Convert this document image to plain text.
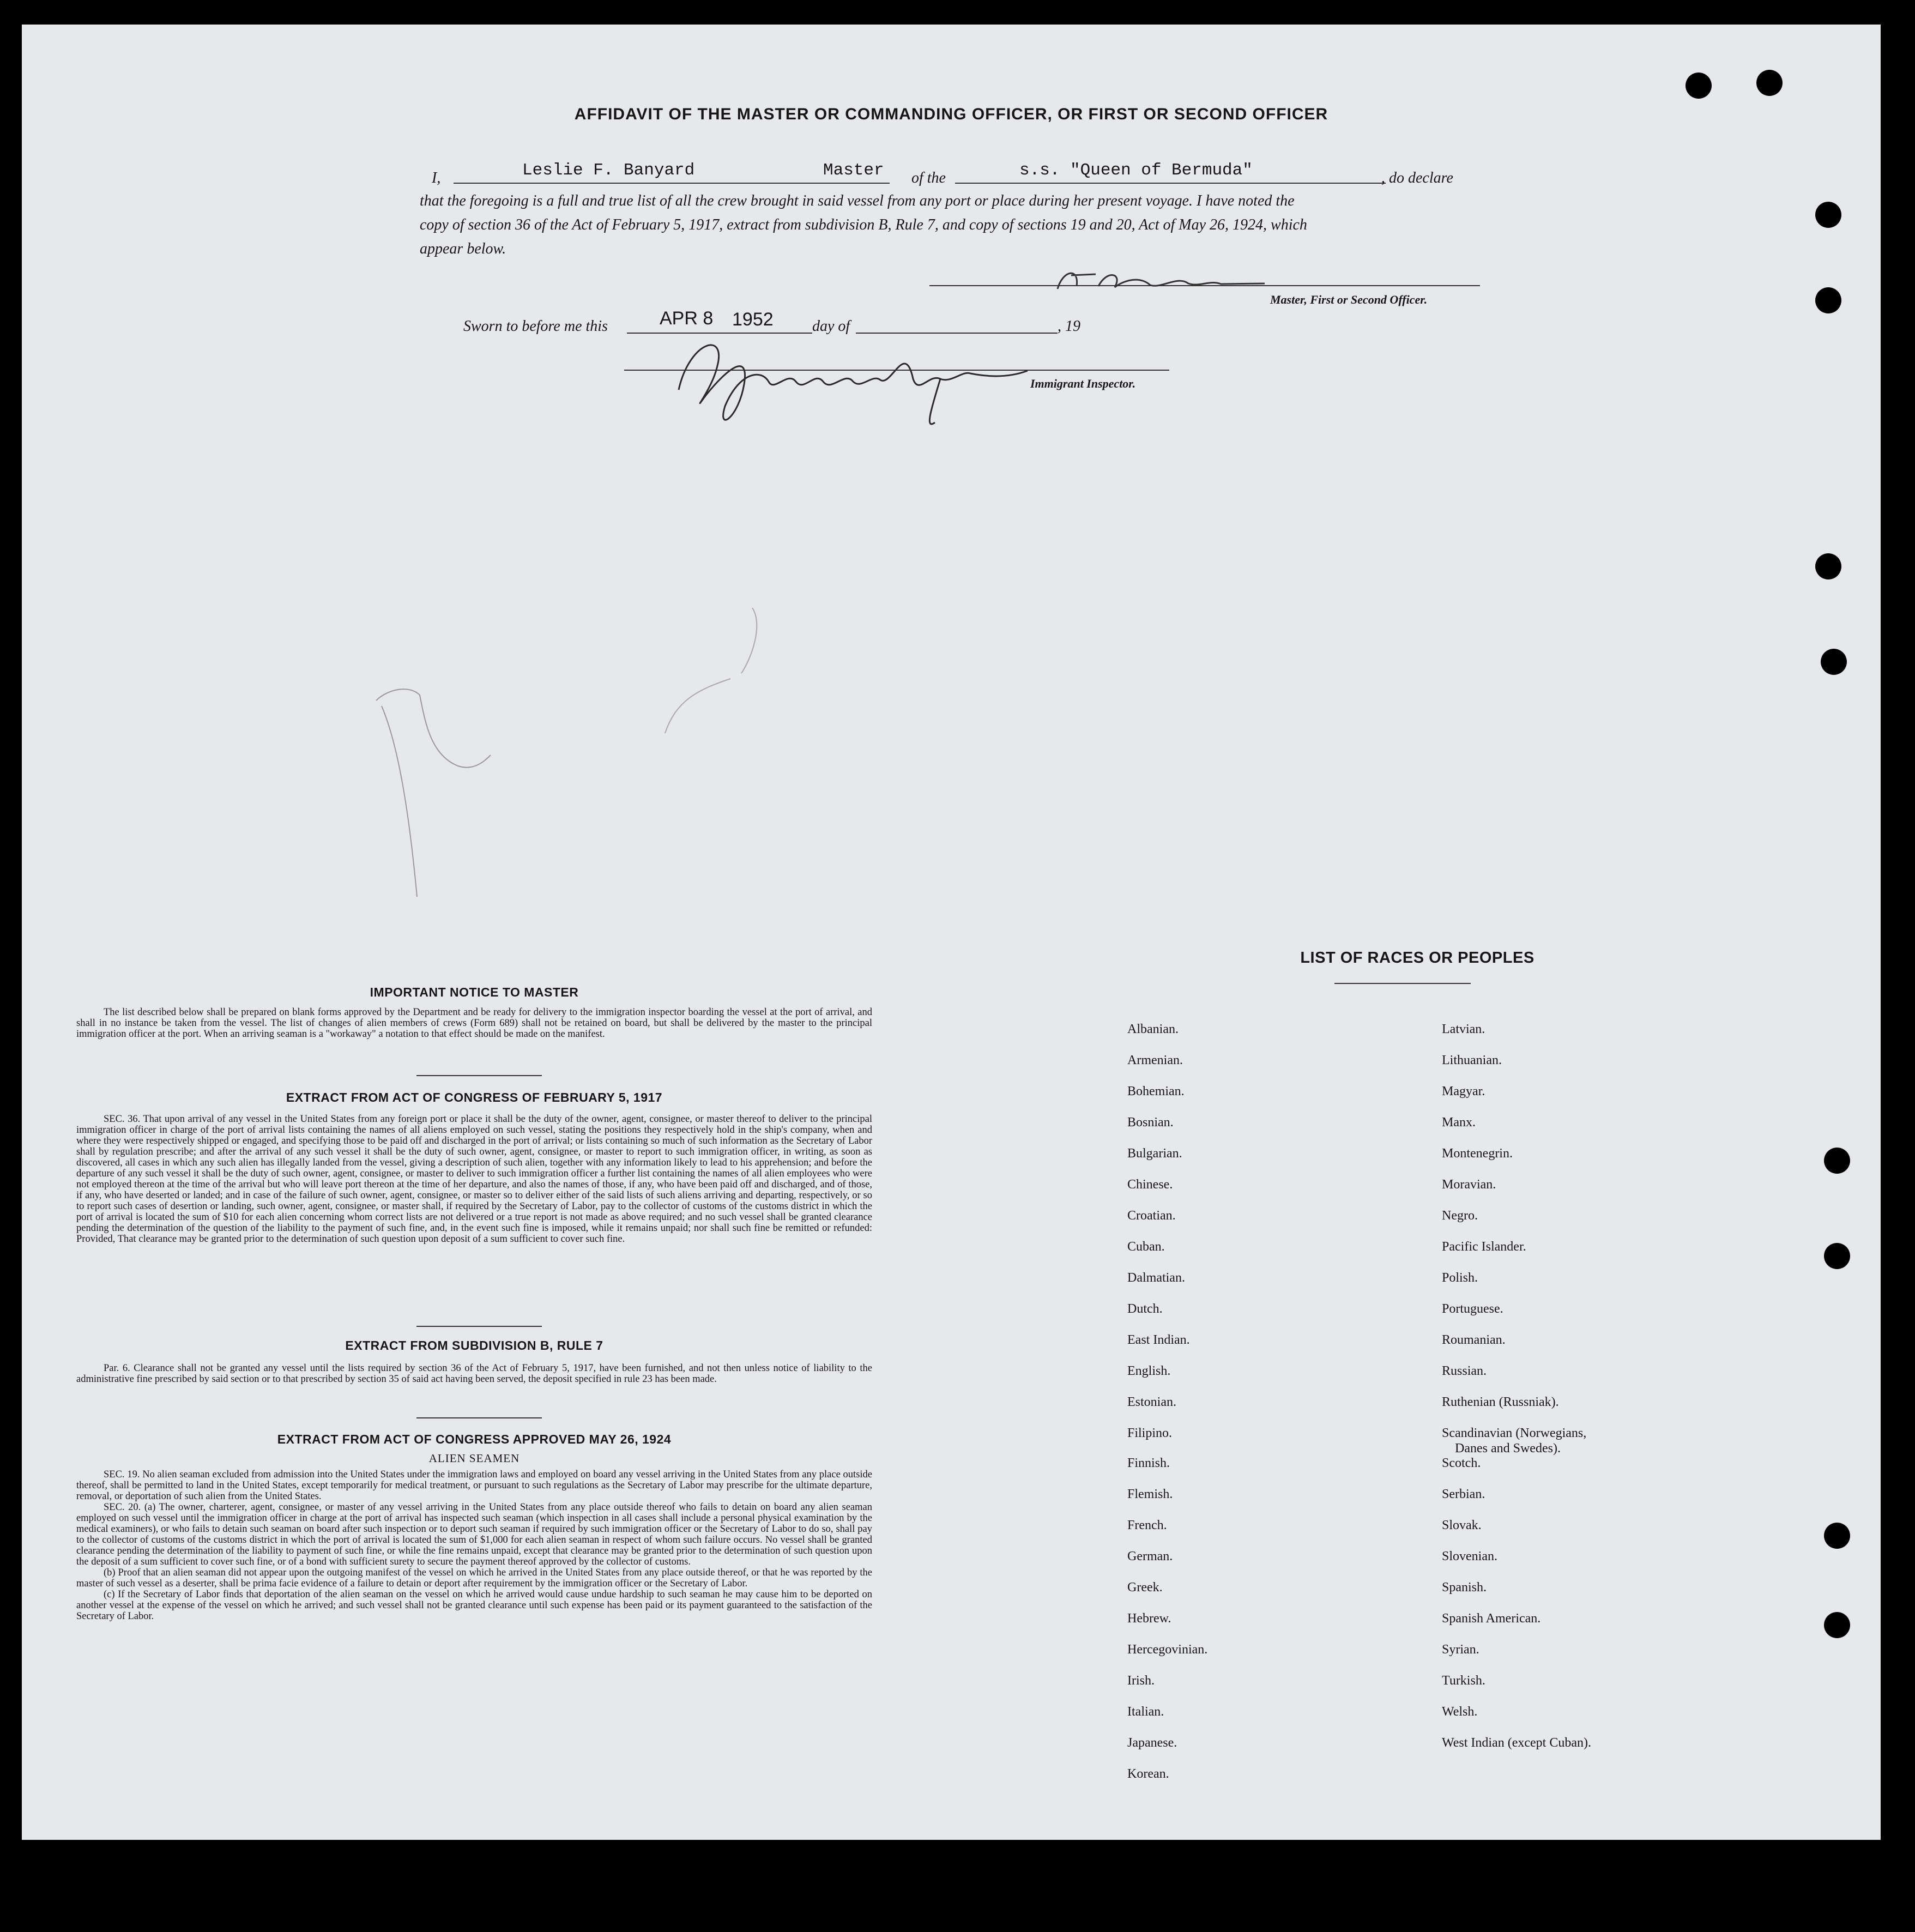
AFFIDAVIT OF THE MASTER OR COMMANDING OFFICER, OR FIRST OR SECOND OFFICER
I,	Leslie F. Banyard	Master of the	s.s. "Queen of Bermuda"	, do declare
that the foregoing is a full and true list of all the crew brought in said vessel from any port or place during her present voyage. I have noted the
copy of section 36 of the Act of February 5, 1917, extract from subdivision B, Rule 7, and copy of sections 19 and 20, Act of May 26, 1924, which
appear below.
Master, First or Second Officer.
Sworn to before me this	APR 8 1952	day of	, 19
Immigrant Inspector.
IMPORTANT NOTICE TO MASTER
The list described below shall be prepared on blank forms approved by the Department and be ready for delivery to the immigration inspector boarding the vessel at the port of arrival, and shall in no instance be taken from the vessel. The list of changes of alien members of crews (Form 689) shall not be retained on board, but shall be delivered by the master to the principal immigration officer at the port. When an arriving seaman is a "workaway" a notation to that effect should be made on the manifest.
EXTRACT FROM ACT OF CONGRESS OF FEBRUARY 5, 1917
SEC. 36. That upon arrival of any vessel in the United States from any foreign port or place it shall be the duty of the owner, agent, consignee, or master thereof to deliver to the principal immigration officer in charge of the port of arrival lists containing the names of all aliens employed on such vessel, stating the positions they respectively hold in the ship's company, when and where they were respectively shipped or engaged, and specifying those to be paid off and discharged in the port of arrival; or lists containing so much of such information as the Secretary of Labor shall by regulation prescribe; and after the arrival of any such vessel it shall be the duty of such owner, agent, consignee, or master to report to such immigration officer, in writing, as soon as discovered, all cases in which any such alien has illegally landed from the vessel, giving a description of such alien, together with any information likely to lead to his apprehension; and before the departure of any such vessel it shall be the duty of such owner, agent, consignee, or master to deliver to such immigration officer a further list containing the names of all alien employees who were not employed thereon at the time of the arrival but who will leave port thereon at the time of her departure, and also the names of those, if any, who have been paid off and discharged, and of those, if any, who have deserted or landed; and in case of the failure of such owner, agent, consignee, or master so to deliver either of the said lists of such aliens arriving and departing, respectively, or so to report such cases of desertion or landing, such owner, agent, consignee, or master shall, if required by the Secretary of Labor, pay to the collector of customs of the customs district in which the port of arrival is located the sum of $10 for each alien concerning whom correct lists are not delivered or a true report is not made as above required; and no such vessel shall be granted clearance pending the determination of the question of the liability to the payment of such fine, and, in the event such fine is imposed, while it remains unpaid; nor shall such fine be remitted or refunded: Provided, That clearance may be granted prior to the determination of such question upon deposit of a sum sufficient to cover such fine.
EXTRACT FROM SUBDIVISION B, RULE 7
Par. 6. Clearance shall not be granted any vessel until the lists required by section 36 of the Act of February 5, 1917, have been furnished, and not then unless notice of liability to the administrative fine prescribed by said section or to that prescribed by section 35 of said act having been served, the deposit specified in rule 23 has been made.
EXTRACT FROM ACT OF CONGRESS APPROVED MAY 26, 1924
ALIEN SEAMEN
SEC. 19. No alien seaman excluded from admission into the United States under the immigration laws and employed on board any vessel arriving in the United States from any place outside thereof, shall be permitted to land in the United States, except temporarily for medical treatment, or pursuant to such regulations as the Secretary of Labor may prescribe for the ultimate departure, removal, or deportation of such alien from the United States.
SEC. 20. (a) The owner, charterer, agent, consignee, or master of any vessel arriving in the United States from any place outside thereof who fails to detain on board any alien seaman employed on such vessel until the immigration officer in charge at the port of arrival has inspected such seaman (which inspection in all cases shall include a personal physical examination by the medical examiners), or who fails to detain such seaman on board after such inspection or to deport such seaman if required by such immigration officer or the Secretary of Labor to do so, shall pay to the collector of customs of the customs district in which the port of arrival is located the sum of $1,000 for each alien seaman in respect of whom such failure occurs. No vessel shall be granted clearance pending the determination of the liability to payment of such fine, or while the fine remains unpaid, except that clearance may be granted prior to the determination of such question upon the deposit of a sum sufficient to cover such fine, or of a bond with sufficient surety to secure the payment thereof approved by the collector of customs.
(b) Proof that an alien seaman did not appear upon the outgoing manifest of the vessel on which he arrived in the United States from any place outside thereof, or that he was reported by the master of such vessel as a deserter, shall be prima facie evidence of a failure to detain or deport after requirement by the immigration officer or the Secretary of Labor.
(c) If the Secretary of Labor finds that deportation of the alien seaman on the vessel on which he arrived would cause undue hardship to such seaman he may cause him to be deported on another vessel at the expense of the vessel on which he arrived; and such vessel shall not be granted clearance until such expense has been paid or its payment guaranteed to the satisfaction of the Secretary of Labor.
LIST OF RACES OR PEOPLES
Albanian.
Armenian.
Bohemian.
Bosnian.
Bulgarian.
Chinese.
Croatian.
Cuban.
Dalmatian.
Dutch.
East Indian.
English.
Estonian.
Filipino.
Finnish.
Flemish.
French.
German.
Greek.
Hebrew.
Hercegovinian.
Irish.
Italian.
Japanese.
Korean.
Latvian.
Lithuanian.
Magyar.
Manx.
Montenegrin.
Moravian.
Negro.
Pacific Islander.
Polish.
Portuguese.
Roumanian.
Russian.
Ruthenian (Russniak).
Scandinavian (Norwegians,
Danes and Swedes).
Scotch.
Serbian.
Slovak.
Slovenian.
Spanish.
Spanish American.
Syrian.
Turkish.
Welsh.
West Indian (except Cuban).
